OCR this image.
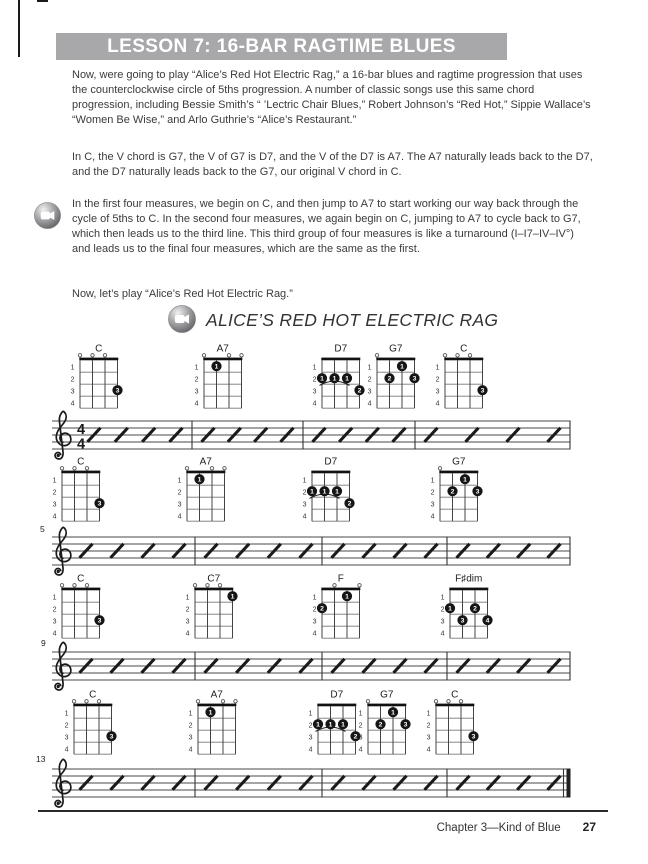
LESSON 7: 16-BAR RAGTIME BLUES
Now, were going to play “Alice’s Red Hot Electric Rag,” a 16-bar blues and ragtime progression that uses the counterclockwise circle of 5ths progression. A number of classic songs use this same chord progression, including Bessie Smith’s “ ’Lectric Chair Blues,” Robert Johnson’s “Red Hot,” Sippie Wallace’s “Women Be Wise,” and Arlo Guthrie’s “Alice’s Restaurant.”
In C, the V chord is G7, the V of G7 is D7, and the V of the D7 is A7. The A7 naturally leads back to the D7, and the D7 naturally leads back to the G7, our original V chord in C.
In the first four measures, we begin on C, and then jump to A7 to start working our way back through the cycle of 5ths to C. In the second four measures, we again begin on C, jumping to A7 to cycle back to G7, which then leads us to the third line. This third group of four measures is like a turnaround (I–I7–IV–IV°) and leads us to the final four measures, which are the same as the first.
Now, let’s play “Alice’s Red Hot Electric Rag.”
ALICE’S RED HOT ELECTRIC RAG
C
1
2
3
4
3
A7
1
2
3
4
1
D7
1
2
3
4
1 1 1
2
G7
1
2
3
4
1
2	3
C
1
2
3
4
3
4
4
C
1
2
3
4
3
A7
1
2
3
4
1
D7
1
2
3
4
1 1 1
2
G7
1
2
3
4
1
2	3
5
C
1
2
3
4
3
C7
1
2
3
4
1
F
1
2
3
4
1
2
F♯dim
1
2
3
4
1	2
3	4
9
C
1
2
3
4
3
A7
1
2
3
4
1
D7
1
2
3
4
1 1 1
2
G7
1
2
3
4
1
2	3
C
1
2
3
4
3
13
Chapter 3—Kind of Blue 27
